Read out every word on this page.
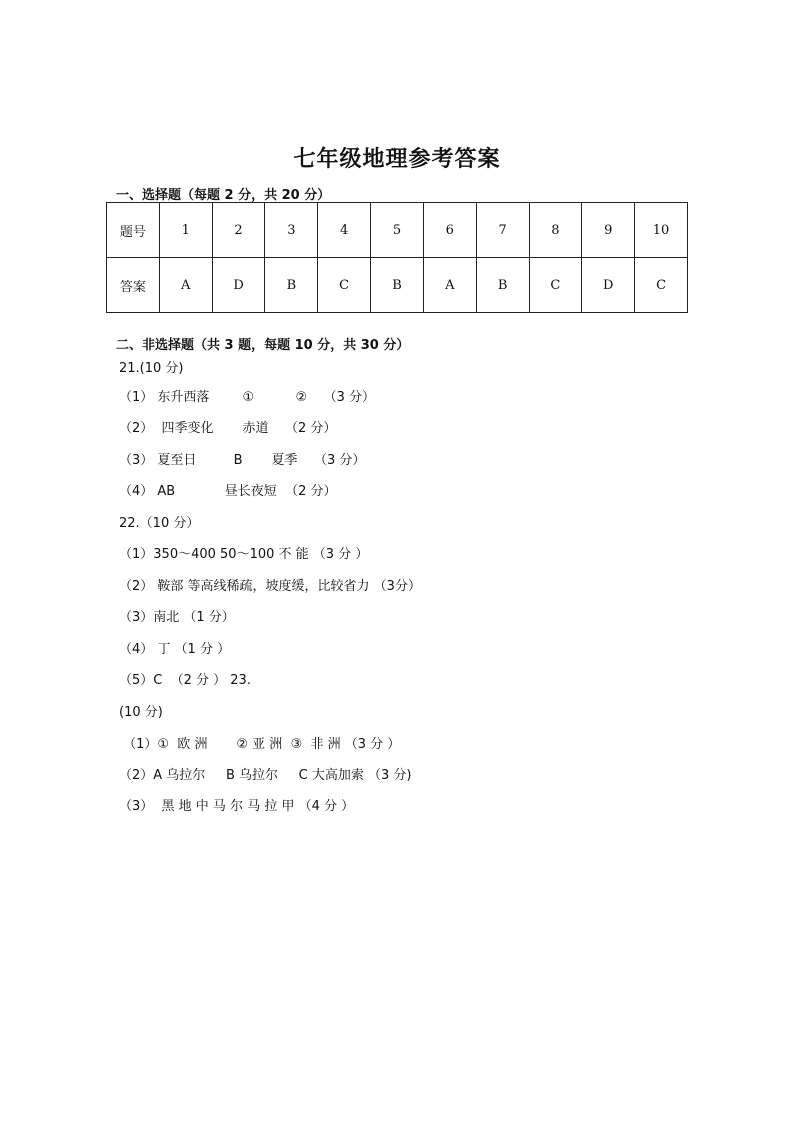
七年级地理参考答案
一、选择题（每题 2 分，共 20 分）
题号	1	2	3	4	5	6	7	8	9	10
答案	A	D	B	C	B	A	B	C	D	C
二、非选择题（共 3 题，每题 10 分，共 30 分）
21.(10 分)
（1） 东升西落        ①          ②    （3 分）
（2）  四季变化       赤道    （2 分）
（3） 夏至日         B       夏季    （3 分）
（4） AB            昼长夜短  （2 分）
22.（10 分）
（1）350～400 50～100 不 能 （3 分 ）
（2） 鞍部 等高线稀疏，坡度缓，比较省力 （3分）
（3）南北 （1 分）
（4） 丁 （1 分 ）
（5）C  （2 分 ） 23.
(10 分)
（1）①  欧 洲       ② 亚 洲  ③  非 洲 （3 分 ）
（2）A 乌拉尔     B 乌拉尔     C 大高加索 （3 分)
（3）  黑 地 中 马 尔 马 拉 甲 （4 分 ）
